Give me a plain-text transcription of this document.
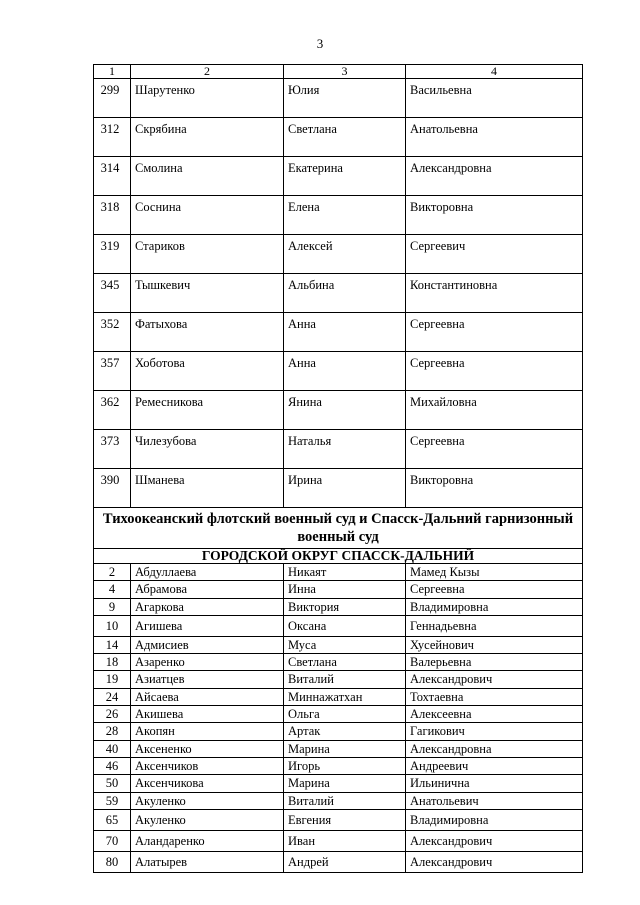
3
1	2	3	4
299	Шарутенко	Юлия	Васильевна
312	Скрябина	Светлана	Анатольевна
314	Смолина	Екатерина	Александровна
318	Соснина	Елена	Викторовна
319	Стариков	Алексей	Сергеевич
345	Тышкевич	Альбина	Константиновна
352	Фатыхова	Анна	Сергеевна
357	Хоботова	Анна	Сергеевна
362	Ремесникова	Янина	Михайловна
373	Чилезубова	Наталья	Сергеевна
390	Шманева	Ирина	Викторовна
Тихоокеанский флотский военный суд и Спасск-Дальний гарнизонный военный суд			
ГОРОДСКОЙ ОКРУГ СПАССК-ДАЛЬНИЙ			
2	Абдуллаева	Никаят	Мамед Кызы
4	Абрамова	Инна	Сергеевна
9	Агаркова	Виктория	Владимировна
10	Агишева	Оксана	Геннадьевна
14	Адмисиев	Муса	Хусейнович
18	Азаренко	Светлана	Валерьевна
19	Азиатцев	Виталий	Александрович
24	Айсаева	Миннажатхан	Тохтаевна
26	Акишева	Ольга	Алексеевна
28	Акопян	Артак	Гагикович
40	Аксененко	Марина	Александровна
46	Аксенчиков	Игорь	Андреевич
50	Аксенчикова	Марина	Ильиничнa
59	Акуленко	Виталий	Анатольевич
65	Акуленко	Евгения	Владимировна
70	Аландаренко	Иван	Александрович
80	Алатырев	Андрей	Александрович
